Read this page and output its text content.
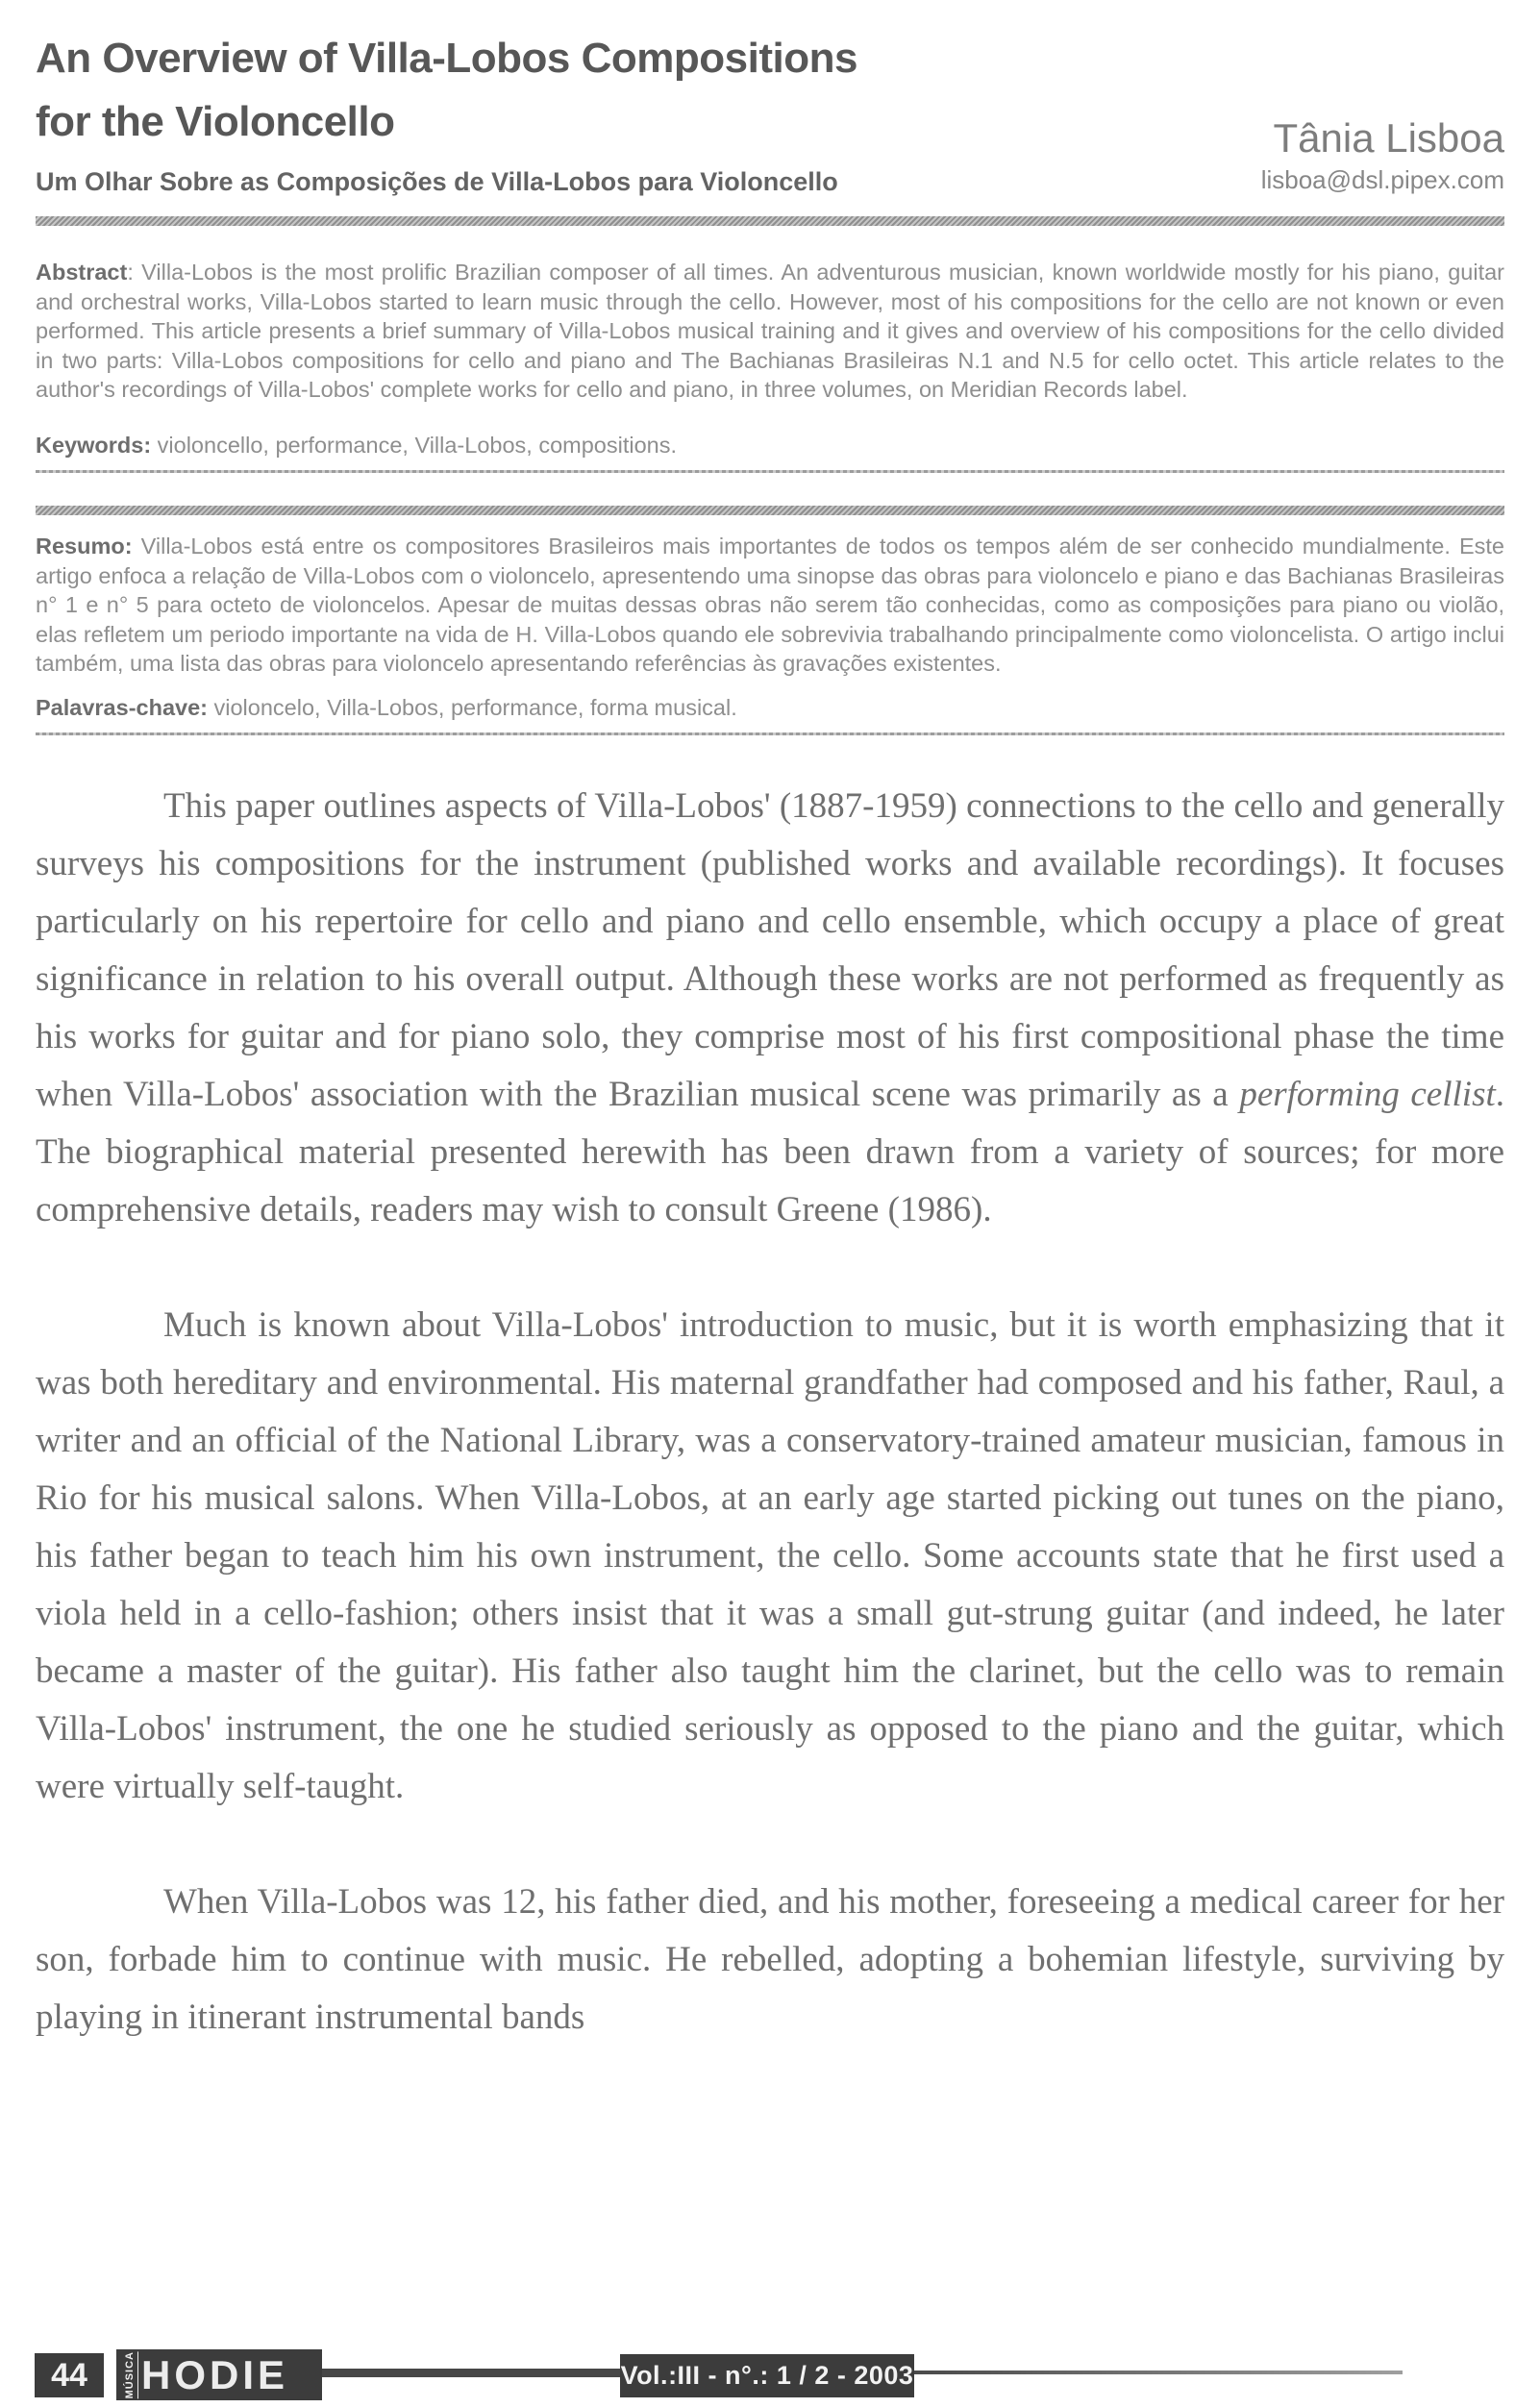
An Overview of Villa-Lobos Compositions
for the Violoncello
Um Olhar Sobre as Composições de Villa-Lobos para Violoncello
Tânia Lisboa
lisboa@dsl.pipex.com

Abstract: Villa-Lobos is the most prolific Brazilian composer of all times. An adventurous musician, known worldwide mostly for his piano, guitar and orchestral works, Villa-Lobos started to learn music through the cello. However, most of his compositions for the cello are not known or even performed. This article presents a brief summary of Villa-Lobos musical training and it gives and overview of his compositions for the cello divided in two parts: Villa-Lobos compositions for cello and piano and The Bachianas Brasileiras N.1 and N.5 for cello octet. This article relates to the author's recordings of Villa-Lobos' complete works for cello and piano, in three volumes, on Meridian Records label.

Keywords: violoncello, performance, Villa-Lobos, compositions.

Resumo: Villa-Lobos está entre os compositores Brasileiros mais importantes de todos os tempos além de ser conhecido mundialmente. Este artigo enfoca a relação de Villa-Lobos com o violoncelo, apresentendo uma sinopse das obras para violoncelo e piano e das Bachianas Brasileiras n° 1 e n° 5 para octeto de violoncelos. Apesar de muitas dessas obras não serem tão conhecidas, como as composições para piano ou violão, elas refletem um periodo importante na vida de H. Villa-Lobos quando ele sobrevivia trabalhando principalmente como violoncelista. O artigo inclui também, uma lista das obras para violoncelo apresentando referências às gravações existentes.

Palavras-chave: violoncelo, Villa-Lobos, performance, forma musical.

This paper outlines aspects of Villa-Lobos' (1887-1959) connections to the cello and generally surveys his compositions for the instrument (published works and available recordings). It focuses particularly on his repertoire for cello and piano and cello ensemble, which occupy a place of great significance in relation to his overall output. Although these works are not performed as frequently as his works for guitar and for piano solo, they comprise most of his first compositional phase the time when Villa-Lobos' association with the Brazilian musical scene was primarily as a performing cellist. The biographical material presented herewith has been drawn from a variety of sources; for more comprehensive details, readers may wish to consult Greene (1986).

Much is known about Villa-Lobos' introduction to music, but it is worth emphasizing that it was both hereditary and environmental. His maternal grandfather had composed and his father, Raul, a writer and an official of the National Library, was a conservatory-trained amateur musician, famous in Rio for his musical salons. When Villa-Lobos, at an early age started picking out tunes on the piano, his father began to teach him his own instrument, the cello. Some accounts state that he first used a viola held in a cello-fashion; others insist that it was a small gut-strung guitar (and indeed, he later became a master of the guitar). His father also taught him the clarinet, but the cello was to remain Villa-Lobos' instrument, the one he studied seriously as opposed to the piano and the guitar, which were virtually self-taught.

When Villa-Lobos was 12, his father died, and his mother, foreseeing a medical career for her son, forbade him to continue with music. He rebelled, adopting a bohemian lifestyle, surviving by playing in itinerant instrumental bands

44	MÚSICA HODIE	Vol.:III - n°.: 1 / 2 - 2003
